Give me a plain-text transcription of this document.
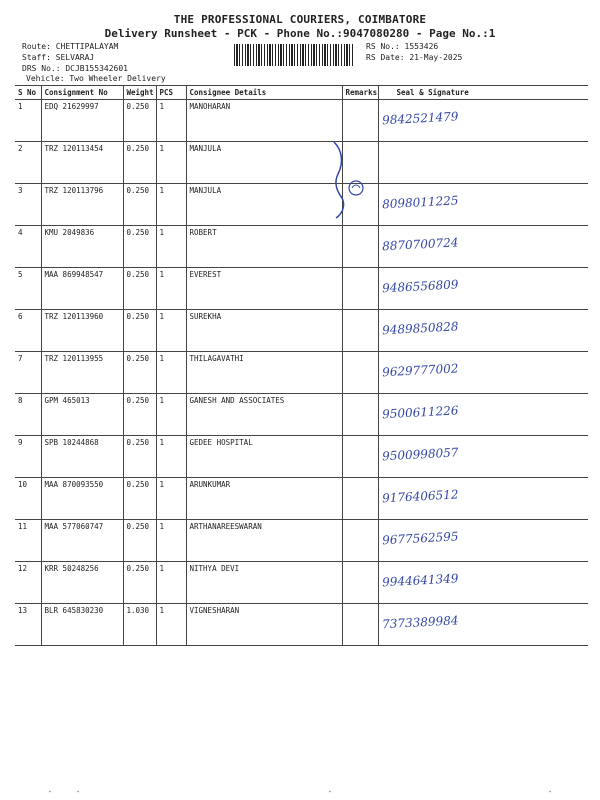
THE PROFESSIONAL COURIERS, COIMBATORE
Delivery Runsheet - PCK - Phone No.:9047080280 - Page No.:1
Route: CHETTIPALAYAM
Staff: SELVARAJ
DRS No.: DCJB155342601
Vehicle: Two Wheeler Delivery
RS No.: 1553426
RS Date: 21-May-2025
S No	Consignment No	Weight	PCS	Consignee Details	Remarks	Seal & Signature
1	EDQ 21629997	0.250	1	MANOHARAN		9842521479

2	TRZ 120113454	0.250	1	MANJULA		

3	TRZ 120113796	0.250	1	MANJULA		8098011225

4	KMU 2049836	0.250	1	ROBERT		8870700724

5	MAA 869948547	0.250	1	EVEREST		9486556809

6	TRZ 120113960	0.250	1	SUREKHA		9489850828

7	TRZ 120113955	0.250	1	THILAGAVATHI		9629777002

8	GPM 465013	0.250	1	GANESH AND ASSOCIATES		9500611226

9	SPB 10244868	0.250	1	GEDEE HOSPITAL		9500998057

10	MAA 870093550	0.250	1	ARUNKUMAR		9176406512

11	MAA 577060747	0.250	1	ARTHANAREESWARAN		9677562595

12	KRR 50248256	0.250	1	NITHYA DEVI		9944641349

13	BLR 645830230	1.030	1	VIGNESHARAN		7373389984
